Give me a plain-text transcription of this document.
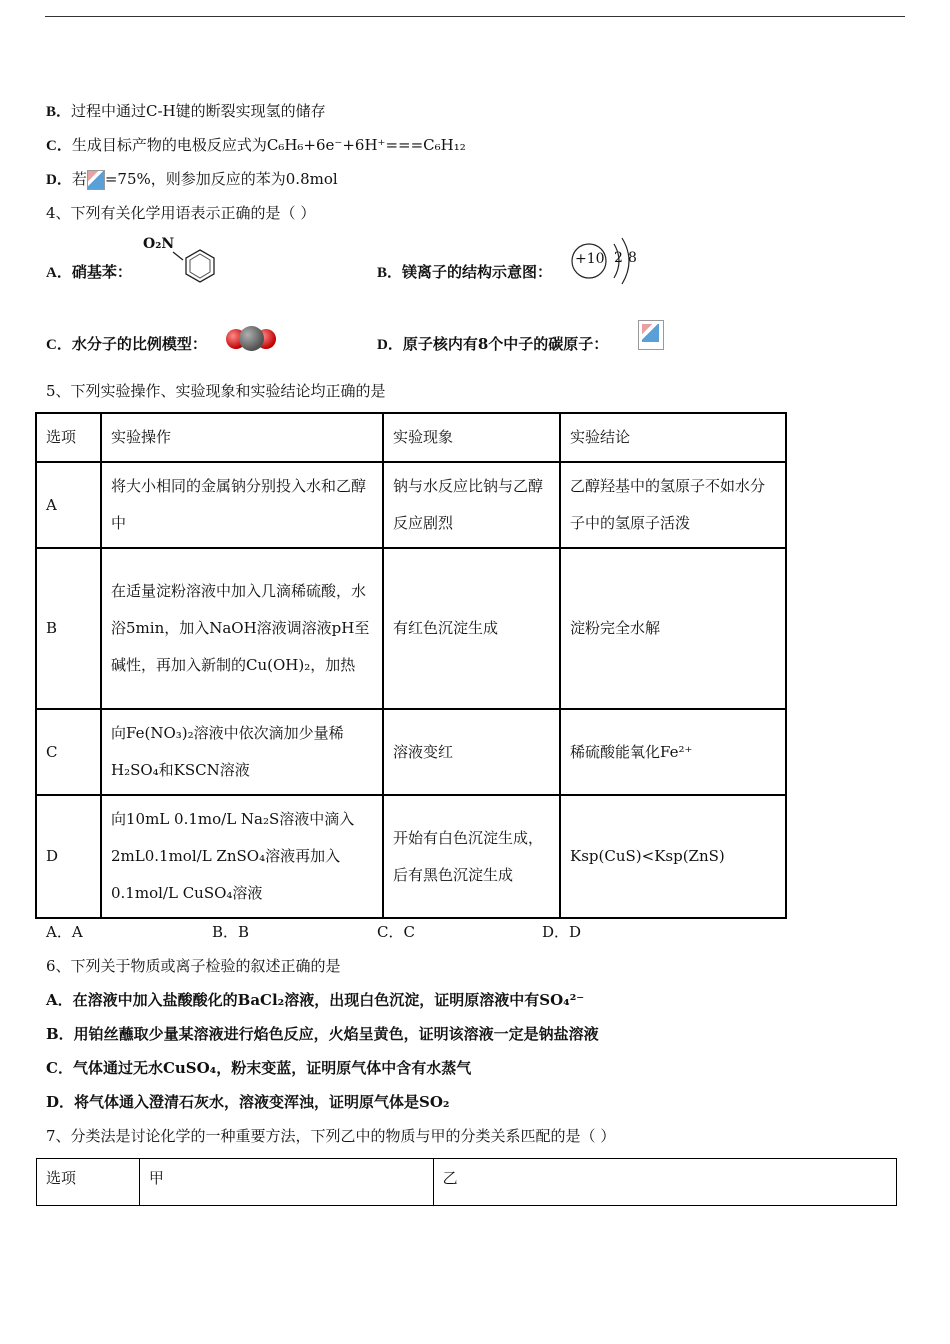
B．过程中通过C-H键的断裂实现氢的储存
C．生成目标产物的电极反应式为C₆H₆+6e⁻+6H⁺===C₆H₁₂
D．若 =75%，则参加反应的苯为0.8mol
4、下列有关化学用语表示正确的是（ ）
A．硝基苯：
O₂N
B．镁离子的结构示意图：
+10 2 8
C．水分子的比例模型：	D．原子核内有8个中子的碳原子：
5、下列实验操作、实验现象和实验结论均正确的是
选项	实验操作	实验现象	实验结论
A	将大小相同的金属钠分别投入水和乙醇中	钠与水反应比钠与乙醇反应剧烈	乙醇羟基中的氢原子不如水分子中的氢原子活泼
B	在适量淀粉溶液中加入几滴稀硫酸，水浴5min，加入NaOH溶液调溶液pH至碱性，再加入新制的Cu(OH)₂，加热	有红色沉淀生成	淀粉完全水解
C	向Fe(NO₃)₂溶液中依次滴加少量稀H₂SO₄和KSCN溶液	溶液变红	稀硫酸能氧化Fe²⁺
D	向10mL 0.1mo/L Na₂S溶液中滴入2mL0.1mol/L ZnSO₄溶液再加入0.1mol/L CuSO₄溶液	开始有白色沉淀生成，后有黑色沉淀生成	Ksp(CuS)<Ksp(ZnS)
A．A	B．B	C．C	D．D
6、下列关于物质或离子检验的叙述正确的是
A．在溶液中加入盐酸酸化的BaCl₂溶液，出现白色沉淀，证明原溶液中有SO₄²⁻
B．用铂丝蘸取少量某溶液进行焰色反应，火焰呈黄色，证明该溶液一定是钠盐溶液
C．气体通过无水CuSO₄，粉末变蓝，证明原气体中含有水蒸气
D．将气体通入澄清石灰水，溶液变浑浊，证明原气体是SO₂
7、分类法是讨论化学的一种重要方法，下列乙中的物质与甲的分类关系匹配的是（ ）
选项	甲	乙
